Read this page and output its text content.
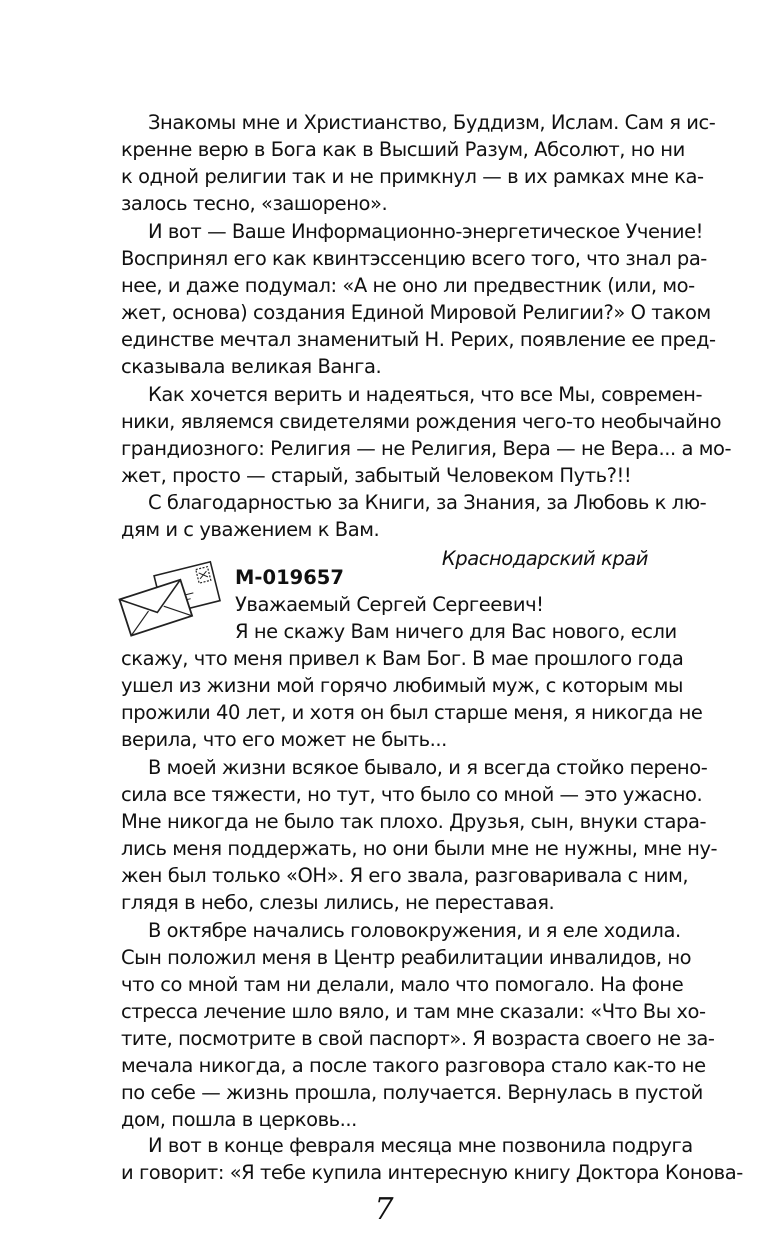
Знакомы мне и Христианство, Буддизм, Ислам. Сам я ис-
кренне верю в Бога как в Высший Разум, Абсолют, но ни
к одной религии так и не примкнул — в их рамках мне ка-
залось тесно, «зашорено».
И вот — Ваше Информационно-энергетическое Учение!
Воспринял его как квинтэссенцию всего того, что знал ра-
нее, и даже подумал: «А не оно ли предвестник (или, мо-
жет, основа) создания Единой Мировой Религии?» О таком
единстве мечтал знаменитый Н. Рерих, появление ее пред-
сказывала великая Ванга.
Как хочется верить и надеяться, что все Мы, современ-
ники, являемся свидетелями рождения чего-то необычайно
грандиозного: Религия — не Религия, Вера — не Вера... а мо-
жет, просто — старый, забытый Человеком Путь?!!
С благодарностью за Книги, за Знания, за Любовь к лю-
дям и с уважением к Вам.
Краснодарский край
М-019657
Уважаемый Сергей Сергеевич!
Я не скажу Вам ничего для Вас нового, если
скажу, что меня привел к Вам Бог. В мае прошлого года
ушел из жизни мой горячо любимый муж, с которым мы
прожили 40 лет, и хотя он был старше меня, я никогда не
верила, что его может не быть...
В моей жизни всякое бывало, и я всегда стойко перено-
сила все тяжести, но тут, что было со мной — это ужасно.
Мне никогда не было так плохо. Друзья, сын, внуки стара-
лись меня поддержать, но они были мне не нужны, мне ну-
жен был только «ОН». Я его звала, разговаривала с ним,
глядя в небо, слезы лились, не переставая.
В октябре начались головокружения, и я еле ходила.
Сын положил меня в Центр реабилитации инвалидов, но
что со мной там ни делали, мало что помогало. На фоне
стресса лечение шло вяло, и там мне сказали: «Что Вы хо-
тите, посмотрите в свой паспорт». Я возраста своего не за-
мечала никогда, а после такого разговора стало как-то не
по себе — жизнь прошла, получается. Вернулась в пустой
дом, пошла в церковь...
7
И вот в конце февраля месяца мне позвонила подруга
и говорит: «Я тебе купила интересную книгу Доктора Конова-
